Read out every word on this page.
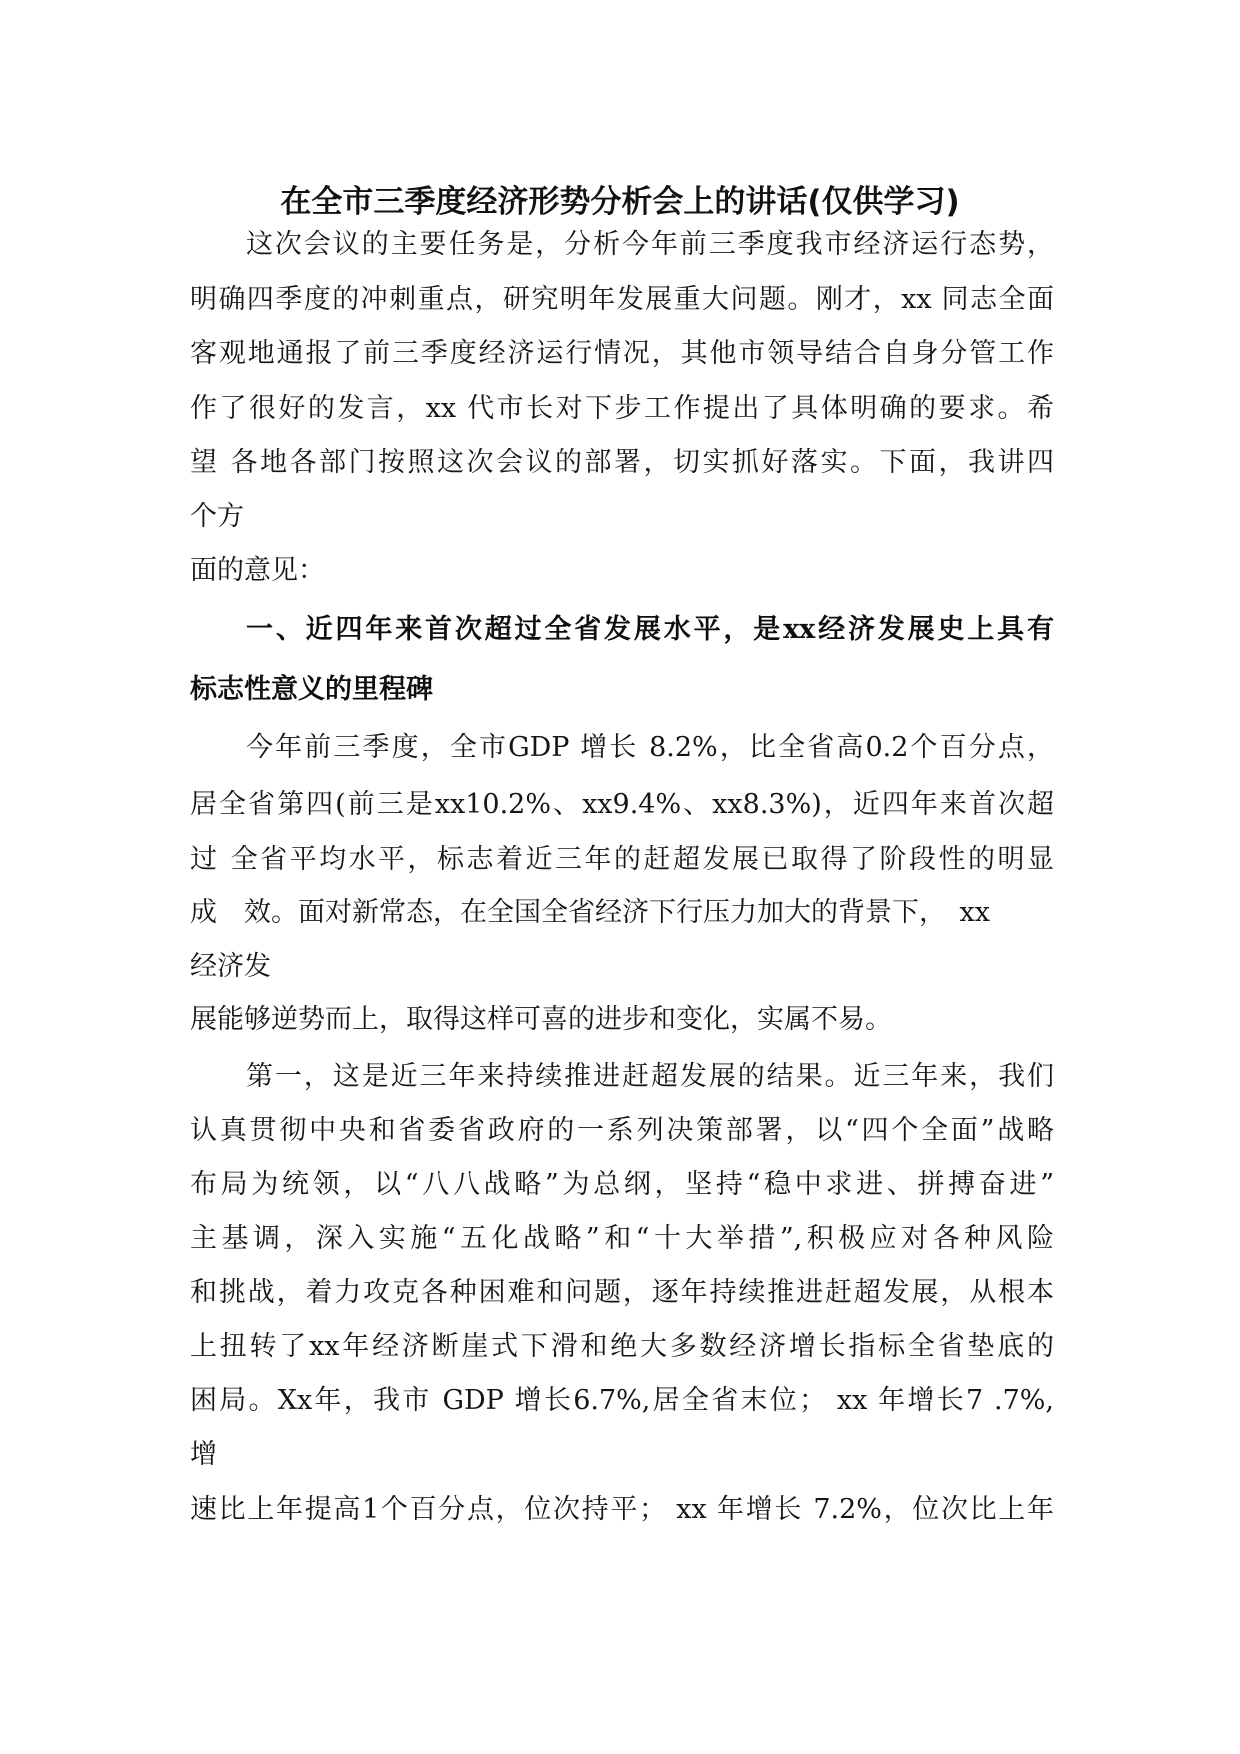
在全市三季度经济形势分析会上的讲话(仅供学习)
这次会议的主要任务是，分析今年前三季度我市经济运行态势，
明确四季度的冲刺重点，研究明年发展重大问题。刚才，xx 同志全面
客观地通报了前三季度经济运行情况，其他市领导结合自身分管工作
作了很好的发言，xx 代市长对下步工作提出了具体明确的要求。希
望 各地各部门按照这次会议的部署，切实抓好落实。下面，我讲四
个方
面的意见：
一、近四年来首次超过全省发展水平，是xx经济发展史上具有
标志性意义的里程碑
今年前三季度，全市GDP 增长 8.2%，比全省高0.2个百分点，
居全省第四(前三是xx10.2%、xx9.4%、xx8.3%)，近四年来首次超
过 全省平均水平，标志着近三年的赶超发展已取得了阶段性的明显
成　效。面对新常态，在全国全省经济下行压力加大的背景下，　xx
经济发
展能够逆势而上，取得这样可喜的进步和变化，实属不易。
第一，这是近三年来持续推进赶超发展的结果。近三年来，我们
认真贯彻中央和省委省政府的一系列决策部署，以“四个全面”战略
布局为统领，以“八八战略”为总纲，坚持“稳中求进、拼搏奋进”
主基调，深入实施“五化战略”和“十大举措”,积极应对各种风险
和挑战，着力攻克各种困难和问题，逐年持续推进赶超发展，从根本
上扭转了xx年经济断崖式下滑和绝大多数经济增长指标全省垫底的
困局。Xx年，我市 GDP 增长6.7%,居全省末位； xx 年增长7 .7%,
增
速比上年提高1个百分点，位次持平； xx 年增长 7.2%，位次比上年
